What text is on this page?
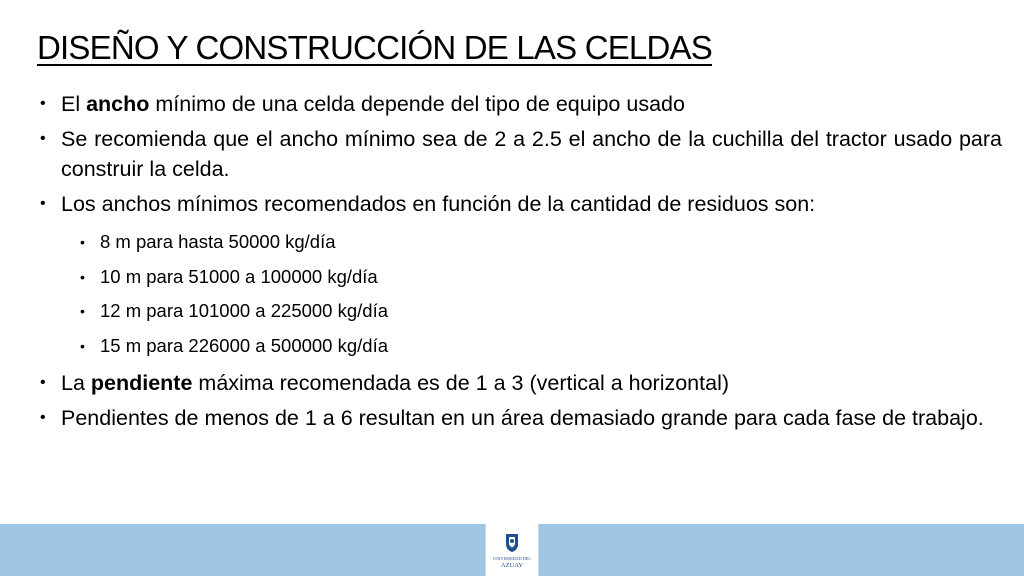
DISEÑO Y CONSTRUCCIÓN DE LAS CELDAS
• El ancho mínimo de una celda depende del tipo de equipo usado
• Se recomienda que el ancho mínimo sea de 2 a 2.5 el ancho de la cuchilla del tractor usado para construir la celda.
• Los anchos mínimos recomendados en función de la cantidad de residuos son:
• 8 m para hasta 50000 kg/día
• 10 m para 51000 a 100000 kg/día
• 12 m para 101000 a 225000 kg/día
• 15 m para 226000 a 500000 kg/día
• La pendiente máxima recomendada es de 1 a 3 (vertical a horizontal)
• Pendientes de menos de 1 a 6 resultan en un área demasiado grande para cada fase de trabajo.
UNIVERSIDAD DEL
AZUAY
